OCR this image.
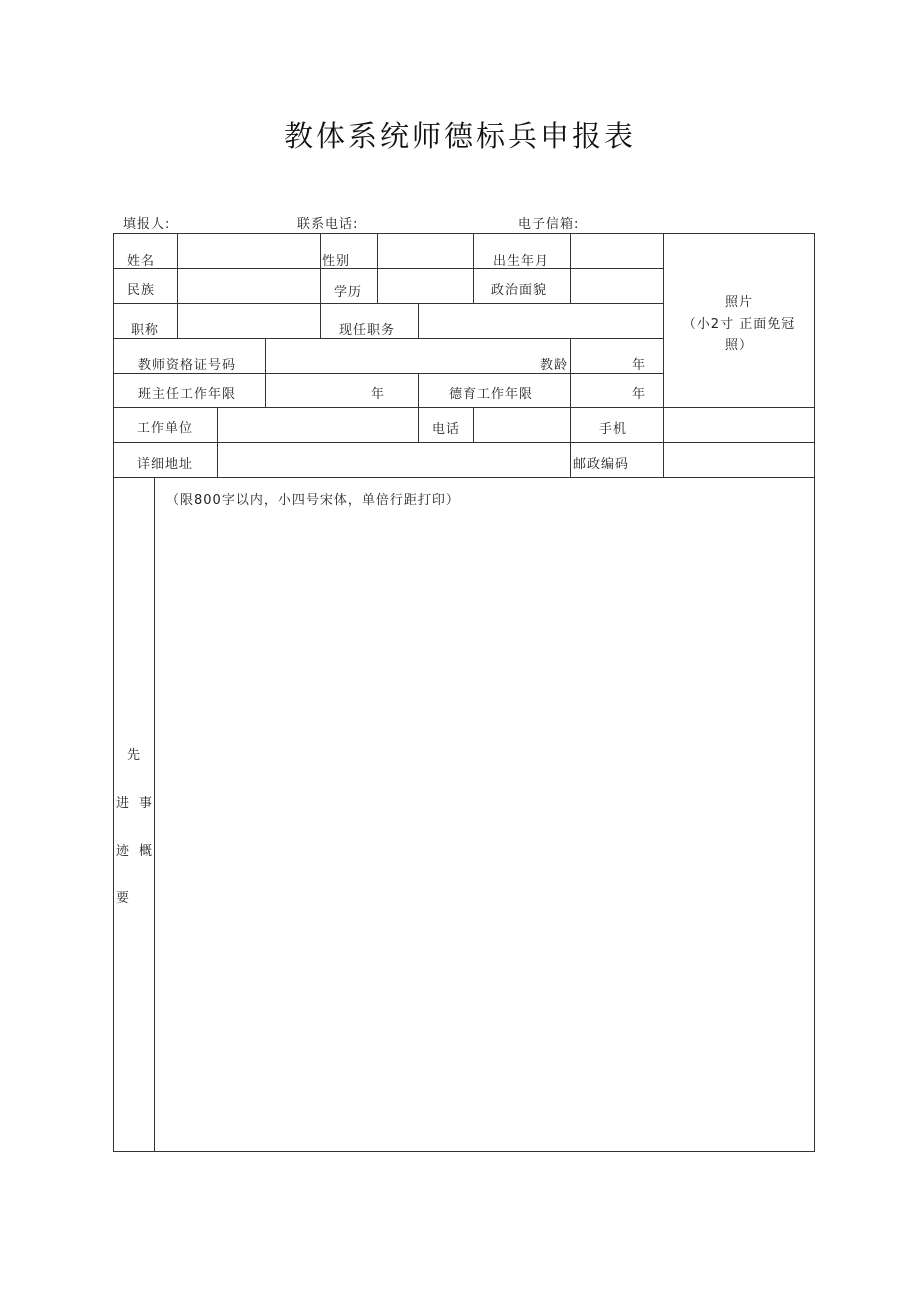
教体系统师德标兵申报表
填报人:	联系电话:	电子信箱:
姓名	性别	出生年月
民族	学历	政治面貌
职称	现任职务
照片
（小2寸 正面免冠
照）
教师资格证号码	教龄	年
班主任工作年限	年	德育工作年限	年
工作单位	电话	手机
详细地址	邮政编码
先
进 事
迹 概
要
（限800字以内，小四号宋体，单倍行距打印）
